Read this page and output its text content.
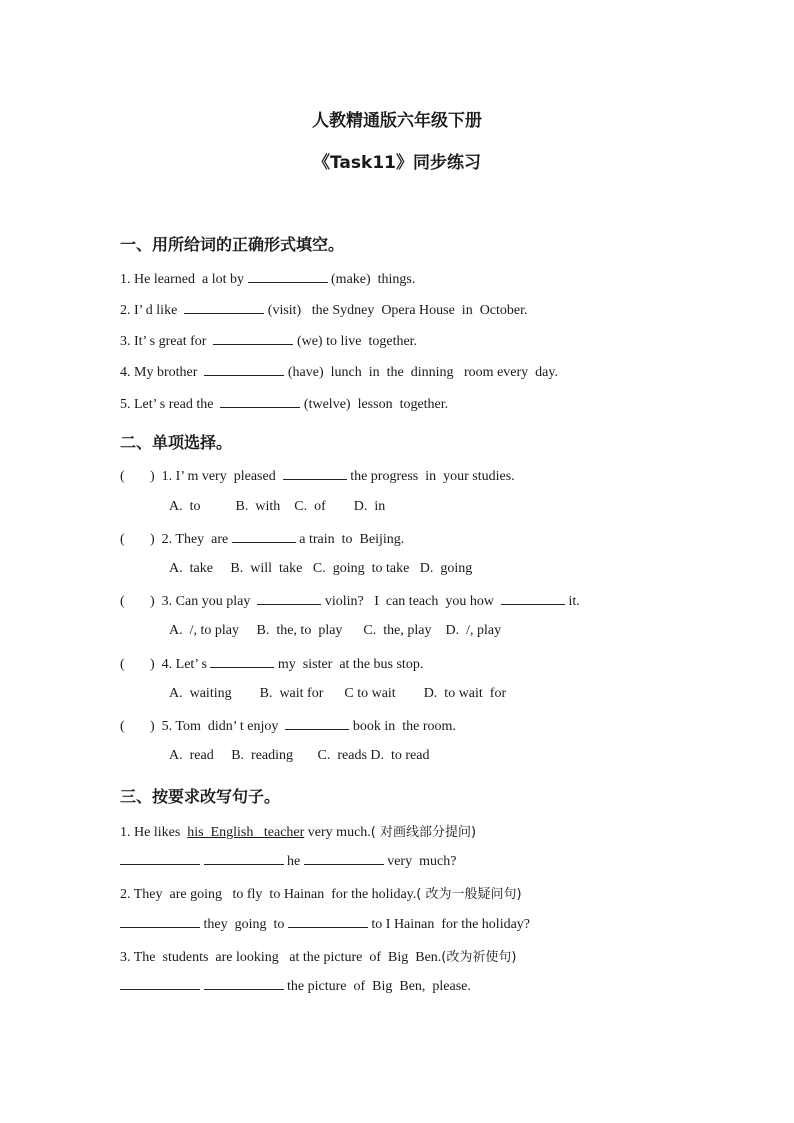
人教精通版六年级下册
《Task11》同步练习
一、用所给词的正确形式填空。
1. He learned  a lot by	(make)  things.
2. I’ d like	(visit)   the Sydney  Opera House  in  October.
3. It’ s great for	(we) to live  together.
4. My brother	(have)  lunch  in  the  dinning   room every  day.
5. Let’ s read the	(twelve)  lesson  together.
二、单项选择。
( )  1. I’ m very  pleased	the progress  in  your studies.
A.  to          B.  with    C.  of        D.  in
( )  2. They  are	a train  to  Beijing.
A.  take     B.  will  take   C.  going  to take   D.  going
( )  3. Can you play	violin?   I  can teach  you how	it.
A.  /, to play     B.  the, to  play      C.  the, play    D.  /, play
( )  4. Let’ s	my  sister  at the bus stop.
A.  waiting        B.  wait for      C to wait        D.  to wait  for
( )  5. Tom  didn’ t enjoy	book in  the room.
A.  read     B.  reading       C.  reads D.  to read
三、按要求改写句子。
1. He likes  his  English   teacher very much.( 对画线部分提问)
he	very  much?
2. They  are going   to fly  to Hainan  for the holiday.( 改为一般疑问句)
they  going  to	to I Hainan  for the holiday?
3. The  students  are looking   at the picture  of  Big  Ben.(改为祈使句)
the picture  of  Big  Ben,  please.
